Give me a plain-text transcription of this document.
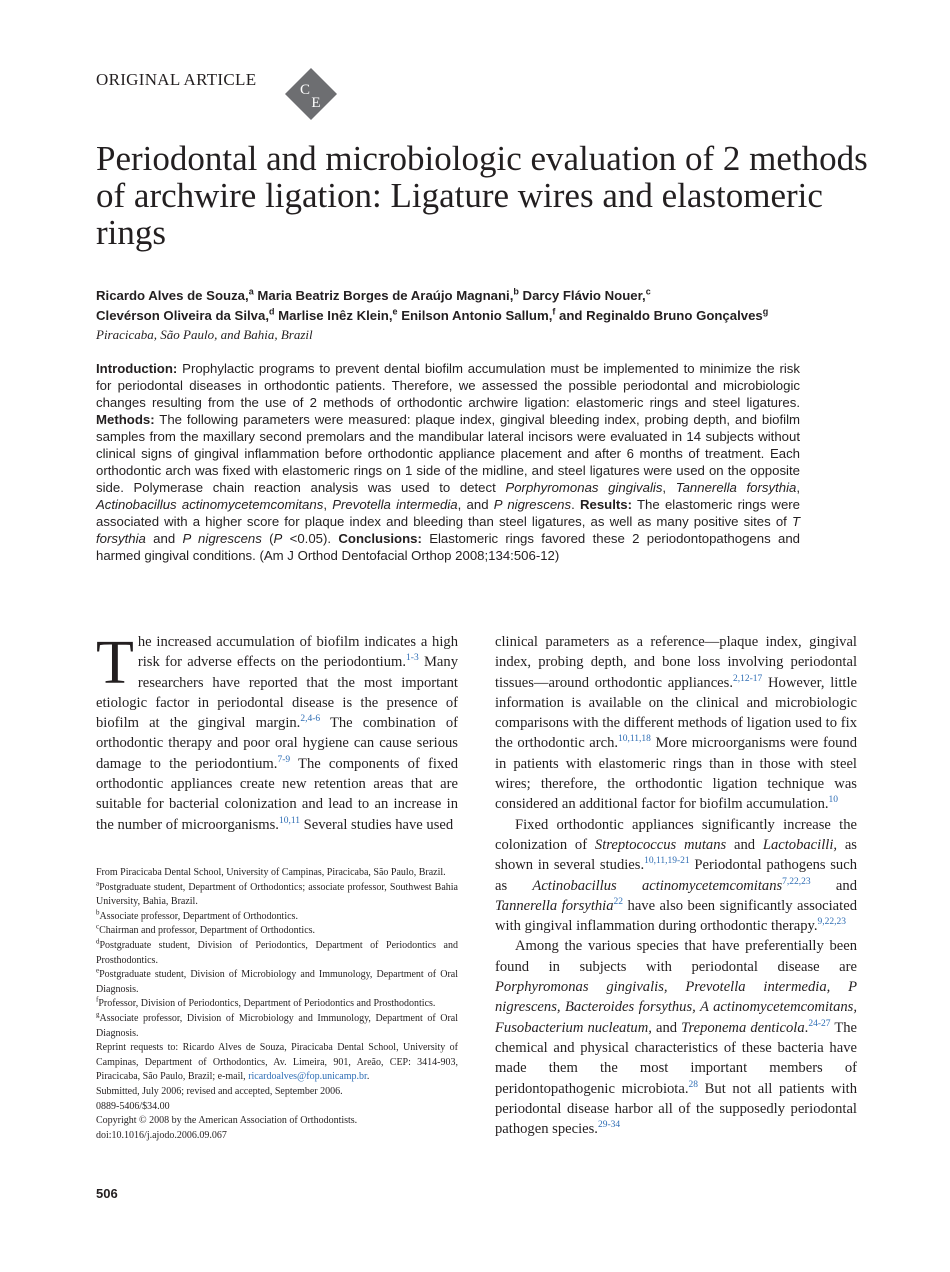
ORIGINAL ARTICLE
C
E
Periodontal and microbiologic evaluation of 2 methods of archwire ligation: Ligature wires and elastomeric rings
Ricardo Alves de Souza,$^a$ Maria Beatriz Borges de Araújo Magnani,$^b$ Darcy Flávio Nouer,$^c$
Clevérson Oliveira da Silva,$^d$ Marlise Inêz Klein,$^e$ Enilson Antonio Sallum,$^f$ and Reginaldo Bruno Gonçalves$^g$
Piracicaba, São Paulo, and Bahia, Brazil

Introduction: Prophylactic programs to prevent dental biofilm accumulation must be implemented to minimize the risk for periodontal diseases in orthodontic patients. Therefore, we assessed the possible periodontal and microbiologic changes resulting from the use of 2 methods of orthodontic archwire ligation: elastomeric rings and steel ligatures. Methods: The following parameters were measured: plaque index, gingival bleeding index, probing depth, and biofilm samples from the maxillary second premolars and the mandibular lateral incisors were evaluated in 14 subjects without clinical signs of gingival inflammation before orthodontic appliance placement and after 6 months of treatment. Each orthodontic arch was fixed with elastomeric rings on 1 side of the midline, and steel ligatures were used on the opposite side. Polymerase chain reaction analysis was used to detect Porphyromonas gingivalis, Tannerella forsythia, Actinobacillus actinomycetemcomitans, Prevotella intermedia, and P nigrescens. Results: The elastomeric rings were associated with a higher score for plaque index and bleeding than steel ligatures, as well as many positive sites of T forsythia and P nigrescens (P <0.05). Conclusions: Elastomeric rings favored these 2 periodontopathogens and harmed gingival conditions. (Am J Orthod Dentofacial Orthop 2008;134:506-12)

The increased accumulation of biofilm indicates a high risk for adverse effects on the periodontium.$^{1-3}$ Many researchers have reported that the most important etiologic factor in periodontal disease is the presence of biofilm at the gingival margin.$^{2,4-6}$ The combination of orthodontic therapy and poor oral hygiene can cause serious damage to the periodontium.$^{7-9}$ The components of fixed orthodontic appliances create new retention areas that are suitable for bacterial colonization and lead to an increase in the number of microorganisms.$^{10,11}$ Several studies have used

From Piracicaba Dental School, University of Campinas, Piracicaba, São Paulo, Brazil.

$^a$Postgraduate student, Department of Orthodontics; associate professor, Southwest Bahia University, Bahia, Brazil.

$^b$Associate professor, Department of Orthodontics.

$^c$Chairman and professor, Department of Orthodontics.

$^d$Postgraduate student, Division of Periodontics, Department of Periodontics and Prosthodontics.

$^e$Postgraduate student, Division of Microbiology and Immunology, Department of Oral Diagnosis.

$^f$Professor, Division of Periodontics, Department of Periodontics and Prosthodontics.

$^g$Associate professor, Division of Microbiology and Immunology, Department of Oral Diagnosis.

Reprint requests to: Ricardo Alves de Souza, Piracicaba Dental School, University of Campinas, Department of Orthodontics, Av. Limeira, 901, Areão, CEP: 3414-903, Piracicaba, São Paulo, Brazil; e-mail, ricardoalves@fop.unicamp.br.

Submitted, July 2006; revised and accepted, September 2006.

0889-5406/$34.00

Copyright © 2008 by the American Association of Orthodontists.

doi:10.1016/j.ajodo.2006.09.067

clinical parameters as a reference—plaque index, gingival index, probing depth, and bone loss involving periodontal tissues—around orthodontic appliances.$^{2,12-17}$ However, little information is available on the clinical and microbiologic comparisons with the different methods of ligation used to fix the orthodontic arch.$^{10,11,18}$ More microorganisms were found in patients with elastomeric rings than in those with steel wires; therefore, the orthodontic ligation technique was considered an additional factor for biofilm accumulation.$^{10}$

Fixed orthodontic appliances significantly increase the colonization of Streptococcus mutans and Lactobacilli, as shown in several studies.$^{10,11,19-21}$ Periodontal pathogens such as Actinobacillus actinomycetemcomitans$^{7,22,23}$ and Tannerella forsythia$^{22}$ have also been significantly associated with gingival inflammation during orthodontic therapy.$^{9,22,23}$

Among the various species that have preferentially been found in subjects with periodontal disease are Porphyromonas gingivalis, Prevotella intermedia, P nigrescens, Bacteroides forsythus, A actinomycetemcomitans, Fusobacterium nucleatum, and Treponema denticola.$^{24-27}$ The chemical and physical characteristics of these bacteria have made them the most important members of peridontopathogenic microbiota.$^{28}$ But not all patients with periodontal disease harbor all of the supposedly periodontal pathogen species.$^{29-34}$

506
